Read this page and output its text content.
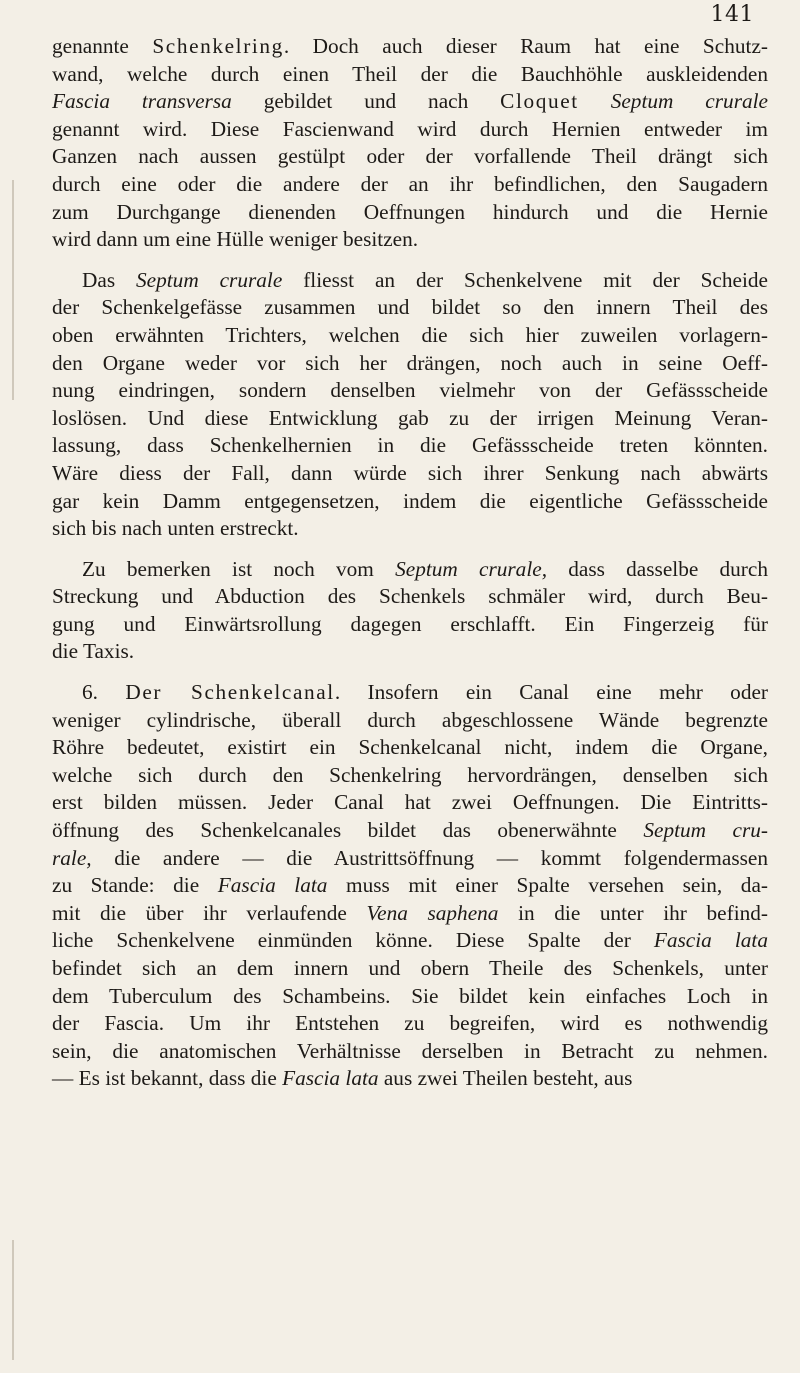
141
genannte Schenkelring. Doch auch dieser Raum hat eine Schutz-
wand, welche durch einen Theil der die Bauchhöhle auskleidenden
Fascia transversa gebildet und nach Cloquet Septum crurale
genannt wird. Diese Fascienwand wird durch Hernien entweder im
Ganzen nach aussen gestülpt oder der vorfallende Theil drängt sich
durch eine oder die andere der an ihr befindlichen, den Saugadern
zum Durchgange dienenden Oeffnungen hindurch und die Hernie
wird dann um eine Hülle weniger besitzen.
Das Septum crurale fliesst an der Schenkelvene mit der Scheide
der Schenkelgefässe zusammen und bildet so den innern Theil des
oben erwähnten Trichters, welchen die sich hier zuweilen vorlagern-
den Organe weder vor sich her drängen, noch auch in seine Oeff-
nung eindringen, sondern denselben vielmehr von der Gefässscheide
loslösen. Und diese Entwicklung gab zu der irrigen Meinung Veran-
lassung, dass Schenkelhernien in die Gefässscheide treten könnten.
Wäre diess der Fall, dann würde sich ihrer Senkung nach abwärts
gar kein Damm entgegensetzen, indem die eigentliche Gefässscheide
sich bis nach unten erstreckt.
Zu bemerken ist noch vom Septum crurale, dass dasselbe durch
Streckung und Abduction des Schenkels schmäler wird, durch Beu-
gung und Einwärtsrollung dagegen erschlafft. Ein Fingerzeig für
die Taxis.
6. Der Schenkelcanal. Insofern ein Canal eine mehr oder
weniger cylindrische, überall durch abgeschlossene Wände begrenzte
Röhre bedeutet, existirt ein Schenkelcanal nicht, indem die Organe,
welche sich durch den Schenkelring hervordrängen, denselben sich
erst bilden müssen. Jeder Canal hat zwei Oeffnungen. Die Eintritts-
öffnung des Schenkelcanales bildet das obenerwähnte Septum cru-
rale, die andere — die Austrittsöffnung — kommt folgendermassen
zu Stande: die Fascia lata muss mit einer Spalte versehen sein, da-
mit die über ihr verlaufende Vena saphena in die unter ihr befind-
liche Schenkelvene einmünden könne. Diese Spalte der Fascia lata
befindet sich an dem innern und obern Theile des Schenkels, unter
dem Tuberculum des Schambeins. Sie bildet kein einfaches Loch in
der Fascia. Um ihr Entstehen zu begreifen, wird es nothwendig
sein, die anatomischen Verhältnisse derselben in Betracht zu nehmen.
— Es ist bekannt, dass die Fascia lata aus zwei Theilen besteht, aus
